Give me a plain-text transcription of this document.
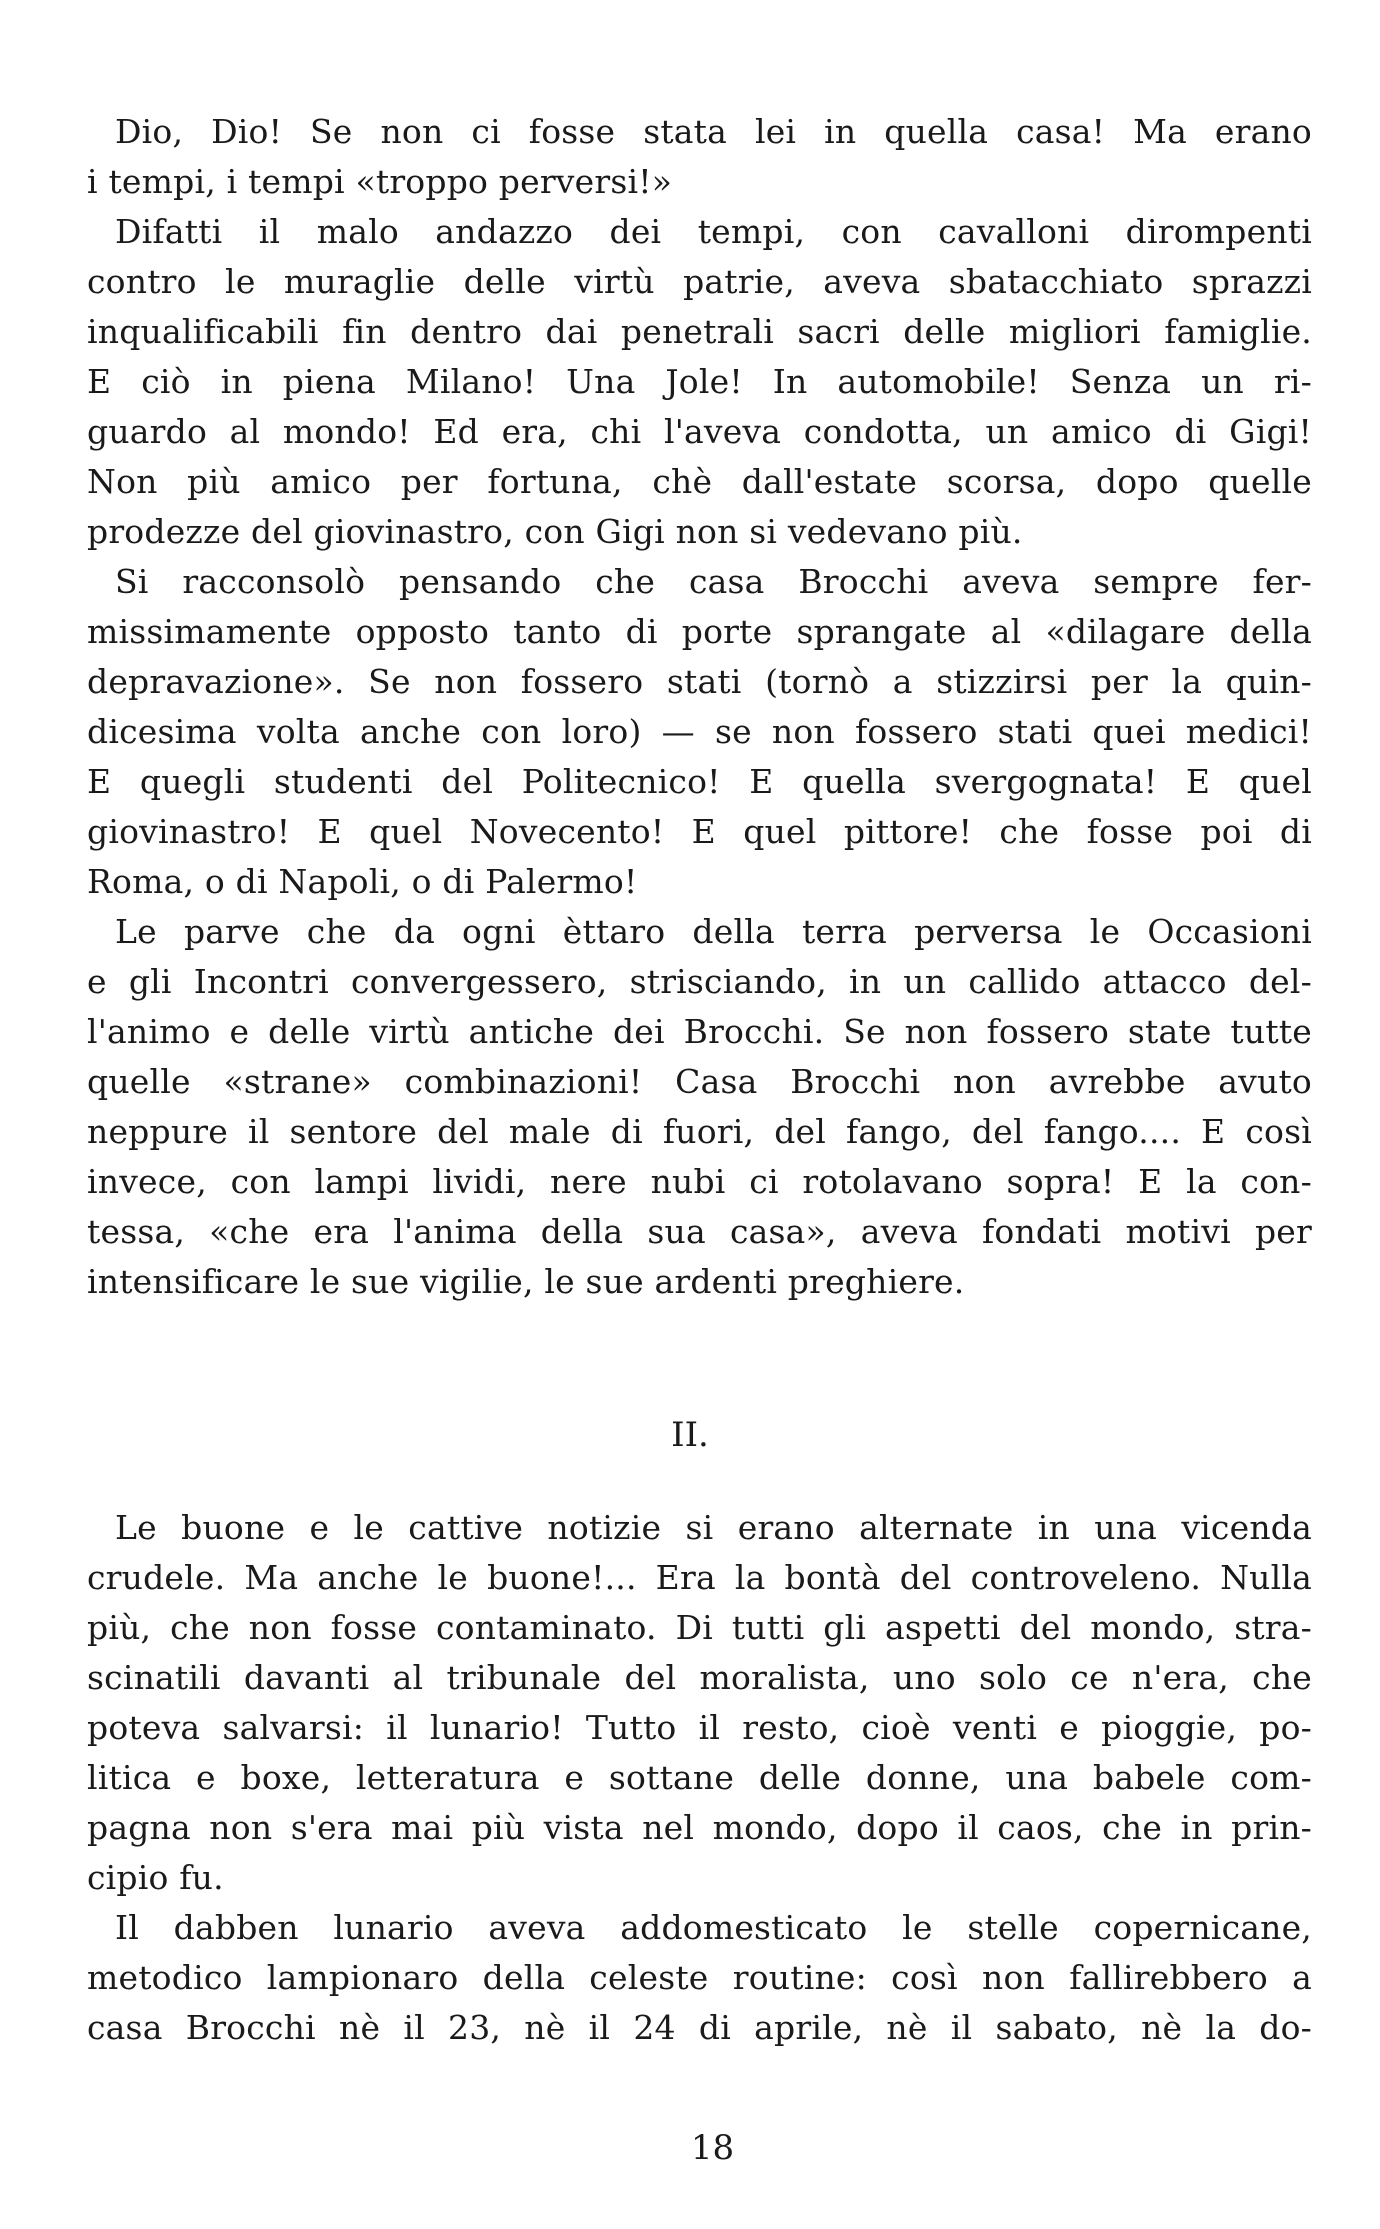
Dio, Dio! Se non ci fosse stata lei in quella casa! Ma erano
i tempi, i tempi «troppo perversi!»
Difatti il malo andazzo dei tempi, con cavalloni dirompenti
contro le muraglie delle virtù patrie, aveva sbatacchiato sprazzi
inqualificabili fin dentro dai penetrali sacri delle migliori famiglie.
E ciò in piena Milano! Una Jole! In automobile! Senza un ri-
guardo al mondo! Ed era, chi l'aveva condotta, un amico di Gigi!
Non più amico per fortuna, chè dall'estate scorsa, dopo quelle
prodezze del giovinastro, con Gigi non si vedevano più.
Si racconsolò pensando che casa Brocchi aveva sempre fer-
missimamente opposto tanto di porte sprangate al «dilagare della
depravazione». Se non fossero stati (tornò a stizzirsi per la quin-
dicesima volta anche con loro) — se non fossero stati quei medici!
E quegli studenti del Politecnico! E quella svergognata! E quel
giovinastro! E quel Novecento! E quel pittore! che fosse poi di
Roma, o di Napoli, o di Palermo!
Le parve che da ogni èttaro della terra perversa le Occasioni
e gli Incontri convergessero, strisciando, in un callido attacco del-
l'animo e delle virtù antiche dei Brocchi. Se non fossero state tutte
quelle «strane» combinazioni! Casa Brocchi non avrebbe avuto
neppure il sentore del male di fuori, del fango, del fango.... E così
invece, con lampi lividi, nere nubi ci rotolavano sopra! E la con-
tessa, «che era l'anima della sua casa», aveva fondati motivi per
intensificare le sue vigilie, le sue ardenti preghiere.
II.
Le buone e le cattive notizie si erano alternate in una vicenda
crudele. Ma anche le buone!... Era la bontà del controveleno. Nulla
più, che non fosse contaminato. Di tutti gli aspetti del mondo, stra-
scinatili davanti al tribunale del moralista, uno solo ce n'era, che
poteva salvarsi: il lunario! Tutto il resto, cioè venti e pioggie, po-
litica e boxe, letteratura e sottane delle donne, una babele com-
pagna non s'era mai più vista nel mondo, dopo il caos, che in prin-
cipio fu.
Il dabben lunario aveva addomesticato le stelle copernicane,
metodico lampionaro della celeste routine: così non fallirebbero a
casa Brocchi nè il 23, nè il 24 di aprile, nè il sabato, nè la do-
18
